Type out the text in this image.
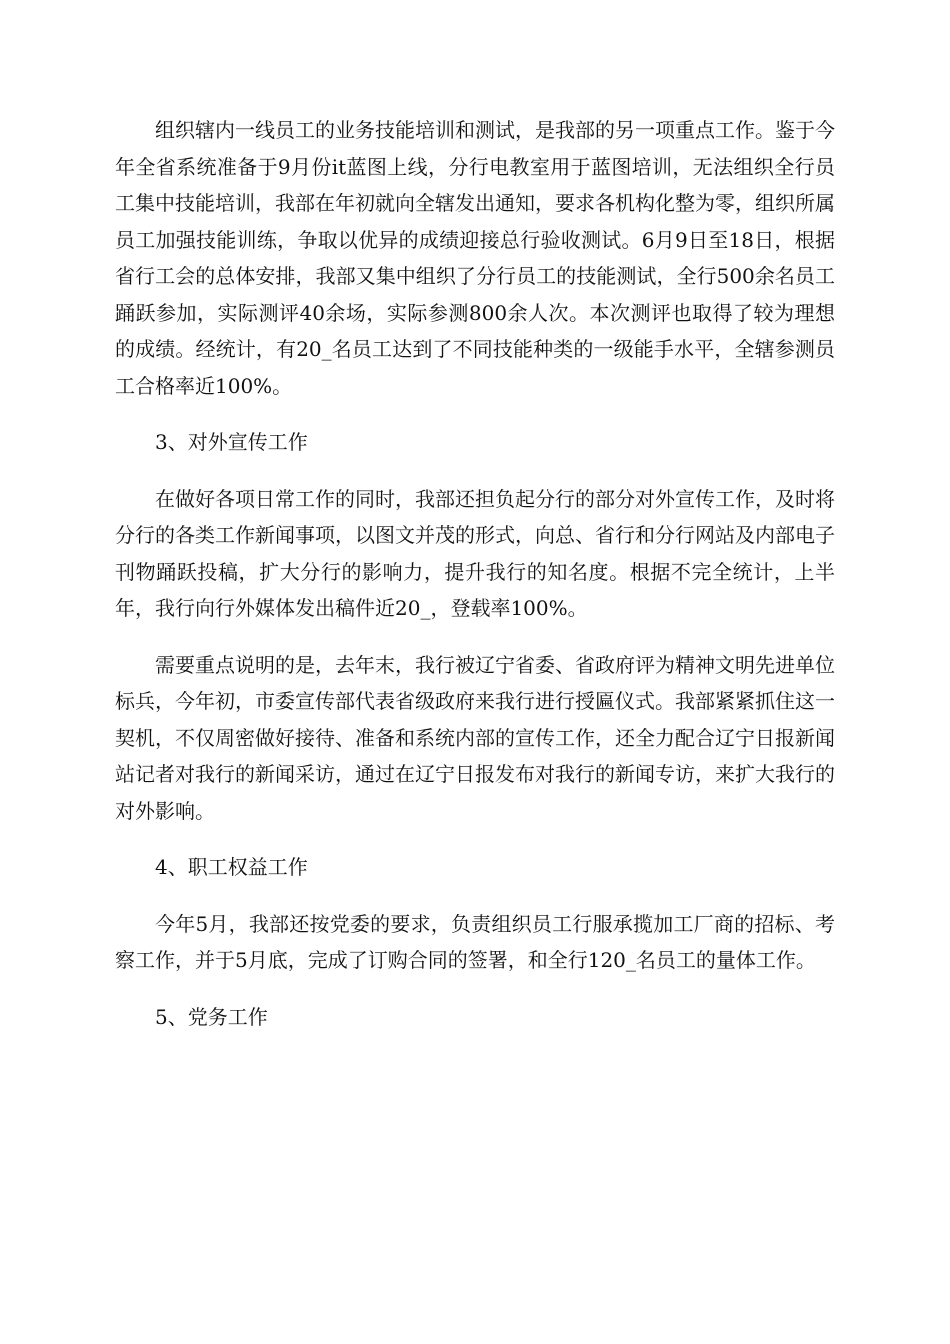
组织辖内一线员工的业务技能培训和测试，是我部的另一项重点工作。鉴于今年全省系统准备于9月份it蓝图上线，分行电教室用于蓝图培训，无法组织全行员工集中技能培训，我部在年初就向全辖发出通知，要求各机构化整为零，组织所属员工加强技能训练，争取以优异的成绩迎接总行验收测试。6月9日至18日，根据省行工会的总体安排，我部又集中组织了分行员工的技能测试，全行500余名员工踊跃参加，实际测评40余场，实际参测800余人次。本次测评也取得了较为理想的成绩。经统计，有20_名员工达到了不同技能种类的一级能手水平，全辖参测员工合格率近100%。

3、对外宣传工作

在做好各项日常工作的同时，我部还担负起分行的部分对外宣传工作，及时将分行的各类工作新闻事项，以图文并茂的形式，向总、省行和分行网站及内部电子刊物踊跃投稿，扩大分行的影响力，提升我行的知名度。根据不完全统计，上半年，我行向行外媒体发出稿件近20_，登载率100%。

需要重点说明的是，去年末，我行被辽宁省委、省政府评为精神文明先进单位标兵，今年初，市委宣传部代表省级政府来我行进行授匾仪式。我部紧紧抓住这一契机，不仅周密做好接待、准备和系统内部的宣传工作，还全力配合辽宁日报新闻站记者对我行的新闻采访，通过在辽宁日报发布对我行的新闻专访，来扩大我行的对外影响。

4、职工权益工作

今年5月，我部还按党委的要求，负责组织员工行服承揽加工厂商的招标、考察工作，并于5月底，完成了订购合同的签署，和全行120_名员工的量体工作。

5、党务工作
